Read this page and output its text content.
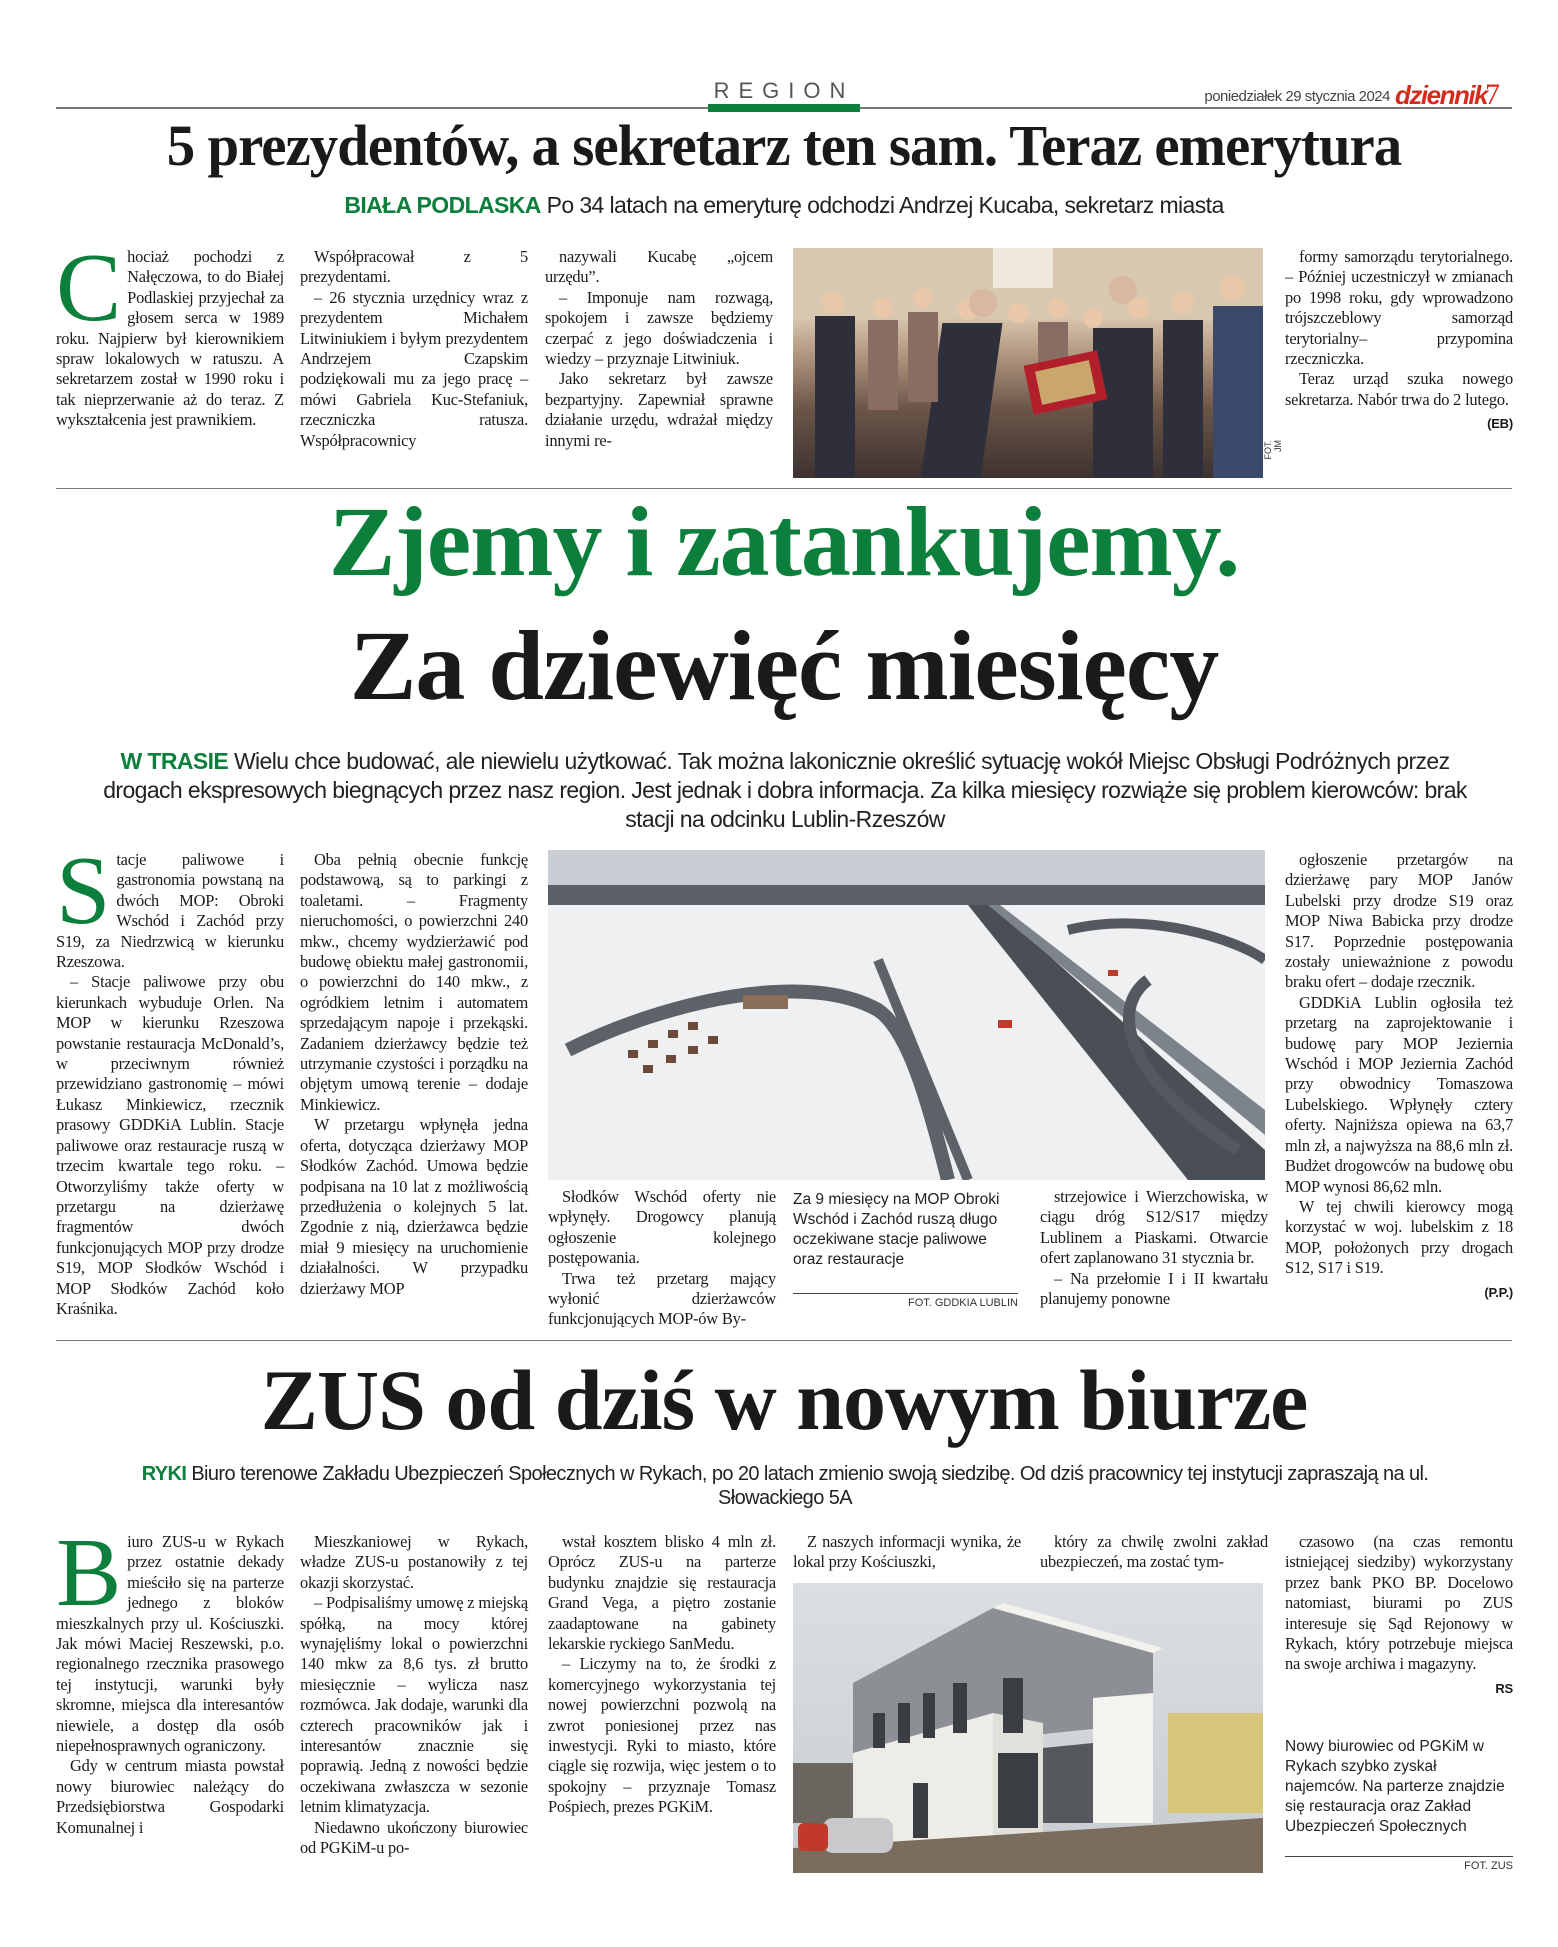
REGION	poniedziałek 29 stycznia 2024 dziennik
7
5 prezydentów, a sekretarz ten sam. Teraz emerytura
BIAŁA PODLASKA Po 34 latach na emeryturę odchodzi Andrzej Kucaba, sekretarz miasta
C hociaż pochodzi z Nałęczowa, to do Białej Podlaskiej przyjechał za głosem serca w 1989 roku. Najpierw był kierownikiem spraw lokalowych w ratuszu. A sekretarzem został w 1990 roku i tak nieprzerwanie aż do teraz. Z wykształcenia jest prawnikiem.

Współpracował z 5 prezydentami.

– 26 stycznia urzędnicy wraz z prezydentem Michałem Litwiniukiem i byłym prezydentem Andrzejem Czapskim podziękowali mu za jego pracę – mówi Gabriela Kuc-Stefaniuk, rzeczniczka ratusza. Współpracownicy

nazywali Kucabę „ojcem urzędu”.

– Imponuje nam rozwagą, spokojem i zawsze będziemy czerpać z jego doświadczenia i wiedzy – przyznaje Litwiniuk.

Jako sekretarz był zawsze bezpartyjny. Zapewniał sprawne działanie urzędu, wdrażał między innymi re-	FOT. JM

formy samorządu terytorialnego. – Później uczestniczył w zmianach po 1998 roku, gdy wprowadzono trójszczeblowy samorząd terytorialny– przypomina rzeczniczka.

Teraz urząd szuka nowego sekretarza. Nabór trwa do 2 lutego.

(EB)
Zjemy i zatankujemy.
Za dziewięć miesięcy
W TRASIE Wielu chce budować, ale niewielu użytkować. Tak można lakonicznie określić sytuację wokół Miejsc Obsługi Podróżnych przez drogach ekspresowych biegnących przez nasz region. Jest jednak i dobra informacja. Za kilka miesięcy rozwiąże się problem kierowców: brak stacji na odcinku Lublin-Rzeszów
S tacje paliwowe i gastronomia powstaną na dwóch MOP: Obroki Wschód i Zachód przy S19, za Niedrzwicą w kierunku Rzeszowa.

– Stacje paliwowe przy obu kierunkach wybuduje Orlen. Na MOP w kierunku Rzeszowa powstanie restauracja McDonald’s, w przeciwnym również przewidziano gastronomię – mówi Łukasz Minkiewicz, rzecznik prasowy GDDKiA Lublin. Stacje paliwowe oraz restauracje ruszą w trzecim kwartale tego roku. – Otworzyliśmy także oferty w przetargu na dzierżawę fragmentów dwóch funkcjonujących MOP przy drodze S19, MOP Słodków Wschód i MOP Słodków Zachód koło Kraśnika.

Oba pełnią obecnie funkcję podstawową, są to parkingi z toaletami. – Fragmenty nieruchomości, o powierzchni 240 mkw., chcemy wydzierżawić pod budowę obiektu małej gastronomii, o powierzchni do 140 mkw., z ogródkiem letnim i automatem sprzedającym napoje i przekąski. Zadaniem dzierżawcy będzie też utrzymanie czystości i porządku na objętym umową terenie – dodaje Minkiewicz.

W przetargu wpłynęła jedna oferta, dotycząca dzierżawy MOP Słodków Zachód. Umowa będzie podpisana na 10 lat z możliwością przedłużenia o kolejnych 5 lat. Zgodnie z nią, dzierżawca będzie miał 9 miesięcy na uruchomienie działalności. W przypadku dzierżawy MOP

Słodków Wschód oferty nie wpłynęły. Drogowcy planują ogłoszenie kolejnego postępowania.

Trwa też przetarg mający wyłonić dzierżawców funkcjonujących MOP-ów By-

Za 9 miesięcy na MOP Obroki Wschód i Zachód ruszą długo oczekiwane stacje paliwowe oraz restauracje
FOT. GDDKIA LUBLIN

strzejowice i Wierzchowiska, w ciągu dróg S12/S17 między Lublinem a Piaskami. Otwarcie ofert zaplanowano 31 stycznia br.

– Na przełomie I i II kwartału planujemy ponowne

ogłoszenie przetargów na dzierżawę pary MOP Janów Lubelski przy drodze S19 oraz MOP Niwa Babicka przy drodze S17. Poprzednie postępowania zostały unieważnione z powodu braku ofert – dodaje rzecznik.

GDDKiA Lublin ogłosiła też przetarg na zaprojektowanie i budowę pary MOP Jeziernia Wschód i MOP Jeziernia Zachód przy obwodnicy Tomaszowa Lubelskiego. Wpłynęły cztery oferty. Najniższa opiewa na 63,7 mln zł, a najwyższa na 88,6 mln zł. Budżet drogowców na budowę obu MOP wynosi 86,62 mln.

W tej chwili kierowcy mogą korzystać w woj. lubelskim z 18 MOP, położonych przy drogach S12, S17 i S19.

(P.P.)
ZUS od dziś w nowym biurze
RYKI Biuro terenowe Zakładu Ubezpieczeń Społecznych w Rykach, po 20 latach zmienio swoją siedzibę. Od dziś pracownicy tej instytucji zapraszają na ul. Słowackiego 5A
B iuro ZUS-u w Rykach przez ostatnie dekady mieściło się na parterze jednego z bloków mieszkalnych przy ul. Kościuszki. Jak mówi Maciej Reszewski, p.o. regionalnego rzecznika prasowego tej instytucji, warunki były skromne, miejsca dla interesantów niewiele, a dostęp dla osób niepełnosprawnych ograniczony.

Gdy w centrum miasta powstał nowy biurowiec należący do Przedsiębiorstwa Gospodarki Komunalnej i

Mieszkaniowej w Rykach, władze ZUS-u postanowiły z tej okazji skorzystać.

– Podpisaliśmy umowę z miejską spółką, na mocy której wynajęliśmy lokal o powierzchni 140 mkw za 8,6 tys. zł brutto miesięcznie – wylicza nasz rozmówca. Jak dodaje, warunki dla czterech pracowników jak i interesantów znacznie się poprawią. Jedną z nowości będzie oczekiwana zwłaszcza w sezonie letnim klimatyzacja.

Niedawno ukończony biurowiec od PGKiM-u po-

wstał kosztem blisko 4 mln zł. Oprócz ZUS-u na parterze budynku znajdzie się restauracja Grand Vega, a piętro zostanie zaadaptowane na gabinety lekarskie ryckiego SanMedu.

– Liczymy na to, że środki z komercyjnego wykorzystania tej nowej powierzchni pozwolą na zwrot poniesionej przez nas inwestycji. Ryki to miasto, które ciągle się rozwija, więc jestem o to spokojny – przyznaje Tomasz Pośpiech, prezes PGKiM.

Z naszych informacji wynika, że lokal przy Kościuszki,

który za chwilę zwolni zakład ubezpieczeń, ma zostać tym-

czasowo (na czas remontu istniejącej siedziby) wykorzystany przez bank PKO BP. Docelowo natomiast, biurami po ZUS interesuje się Sąd Rejonowy w Rykach, który potrzebuje miejsca na swoje archiwa i magazyny.

RS
Nowy biurowiec od PGKiM w Rykach szybko zyskał najemców. Na parterze znajdzie się restauracja oraz Zakład Ubezpieczeń Społecznych
FOT. ZUS
